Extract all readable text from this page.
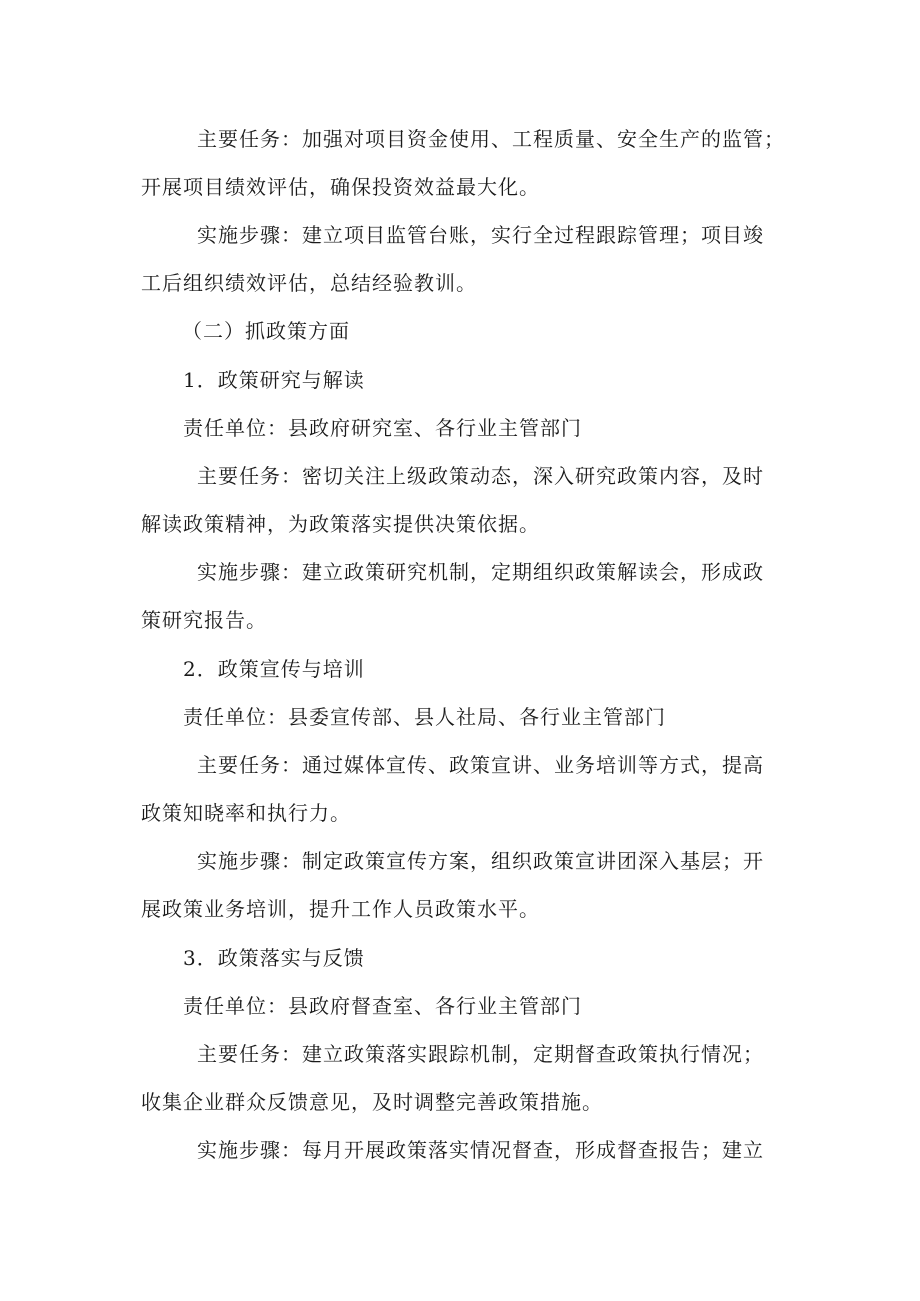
主要任务：加强对项目资金使用、工程质量、安全生产的监管；
开展项目绩效评估，确保投资效益最大化。
实施步骤：建立项目监管台账，实行全过程跟踪管理；项目竣
工后组织绩效评估，总结经验教训。
（二）抓政策方面
1．政策研究与解读
责任单位：县政府研究室、各行业主管部门
主要任务：密切关注上级政策动态，深入研究政策内容，及时
解读政策精神，为政策落实提供决策依据。
实施步骤：建立政策研究机制，定期组织政策解读会，形成政
策研究报告。
2．政策宣传与培训
责任单位：县委宣传部、县人社局、各行业主管部门
主要任务：通过媒体宣传、政策宣讲、业务培训等方式，提高
政策知晓率和执行力。
实施步骤：制定政策宣传方案，组织政策宣讲团深入基层；开
展政策业务培训，提升工作人员政策水平。
3．政策落实与反馈
责任单位：县政府督查室、各行业主管部门
主要任务：建立政策落实跟踪机制，定期督查政策执行情况；
收集企业群众反馈意见，及时调整完善政策措施。
实施步骤：每月开展政策落实情况督查，形成督查报告；建立
